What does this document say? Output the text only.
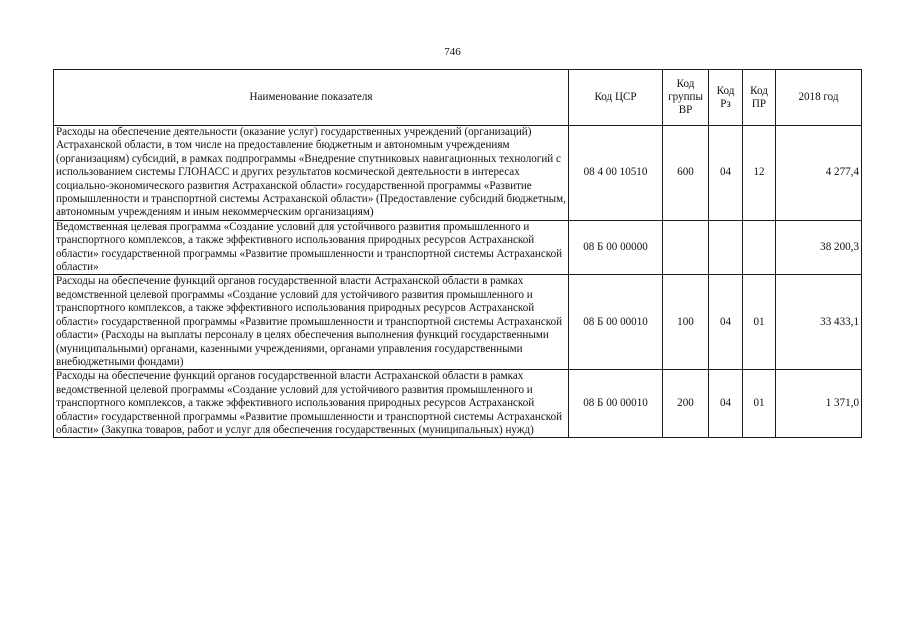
746
Наименование показателя	Код ЦСР	Код группы ВР	Код Рз	Код ПР	2018 год
Расходы на обеспечение деятельности (оказание услуг) государственных учреждений (организаций) Астраханской области, в том числе на предоставление бюджетным и автономным учреждениям (организациям) субсидий, в рамках подпрограммы «Внедрение спутниковых навигационных технологий с использованием системы ГЛОНАСС и других результатов космической деятельности в интересах социально-экономического развития Астраханской области» государственной программы «Развитие промышленности и транспортной системы Астраханской области» (Предоставление субсидий бюджетным, автономным учреждениям и иным некоммерческим организациям)	08 4 00 10510	600	04	12	4 277,4
Ведомственная целевая программа «Создание условий для устойчивого развития промышленного и транспортного комплексов, а также эффективного использования природных ресурсов Астраханской области» государственной программы «Развитие промышленности и транспортной системы Астраханской области»	08 Б 00 00000				38 200,3
Расходы на обеспечение функций органов государственной власти Астраханской области в рамках ведомственной целевой программы «Создание условий для устойчивого развития промышленного и транспортного комплексов, а также эффективного использования природных ресурсов Астраханской области» государственной программы «Развитие промышленности и транспортной системы Астраханской области» (Расходы на выплаты персоналу в целях обеспечения выполнения функций государственными (муниципальными) органами, казенными учреждениями, органами управления государственными внебюджетными фондами)	08 Б 00 00010	100	04	01	33 433,1
Расходы на обеспечение функций органов государственной власти Астраханской области в рамках ведомственной целевой программы «Создание условий для устойчивого развития промышленного и транспортного комплексов, а также эффективного использования природных ресурсов Астраханской области» государственной программы «Развитие промышленности и транспортной системы Астраханской области» (Закупка товаров, работ и услуг для обеспечения государственных (муниципальных) нужд)	08 Б 00 00010	200	04	01	1 371,0
